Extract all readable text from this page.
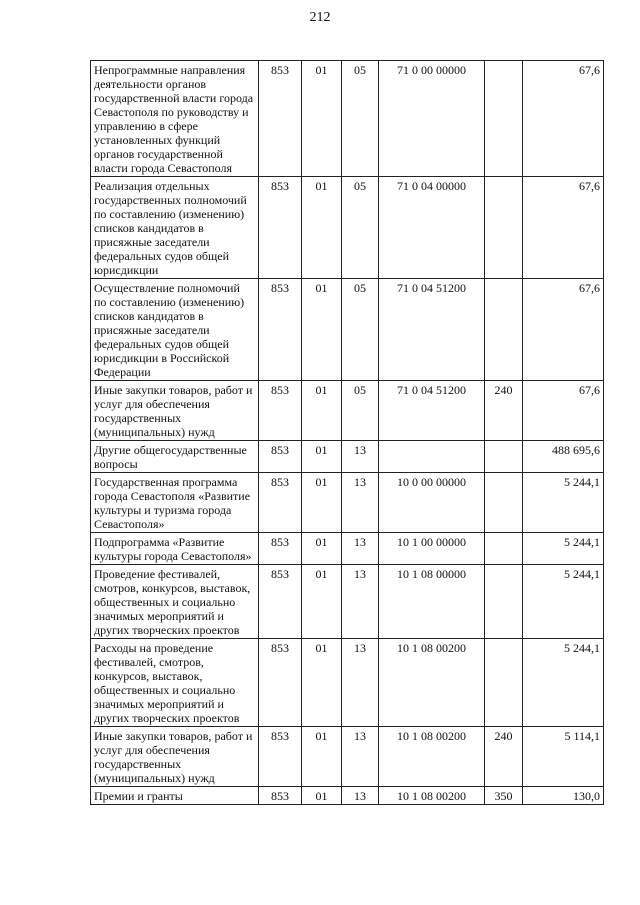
212
Непрограммные направления деятельности органов государственной власти города Севастополя по руководству и управлению в сфере установленных функций органов государственной власти города Севастополя	853	01	05	71 0 00 00000		67,6
Реализация отдельных государственных полномочий по составлению (изменению) списков кандидатов в присяжные заседатели федеральных судов общей юрисдикции	853	01	05	71 0 04 00000		67,6
Осуществление полномочий по составлению (изменению) списков кандидатов в присяжные заседатели федеральных судов общей юрисдикции в Российской Федерации	853	01	05	71 0 04 51200		67,6
Иные закупки товаров, работ и услуг для обеспечения государственных (муниципальных) нужд	853	01	05	71 0 04 51200	240	67,6
Другие общегосударственные вопросы	853	01	13			488 695,6
Государственная программа города Севастополя «Развитие культуры и туризма города Севастополя»	853	01	13	10 0 00 00000		5 244,1
Подпрограмма «Развитие культуры города Севастополя»	853	01	13	10 1 00 00000		5 244,1
Проведение фестивалей, смотров, конкурсов, выставок, общественных и социально значимых мероприятий и других творческих проектов	853	01	13	10 1 08 00000		5 244,1
Расходы на проведение фестивалей, смотров, конкурсов, выставок, общественных и социально значимых мероприятий и других творческих проектов	853	01	13	10 1 08 00200		5 244,1
Иные закупки товаров, работ и услуг для обеспечения государственных (муниципальных) нужд	853	01	13	10 1 08 00200	240	5 114,1
Премии и гранты	853	01	13	10 1 08 00200	350	130,0
